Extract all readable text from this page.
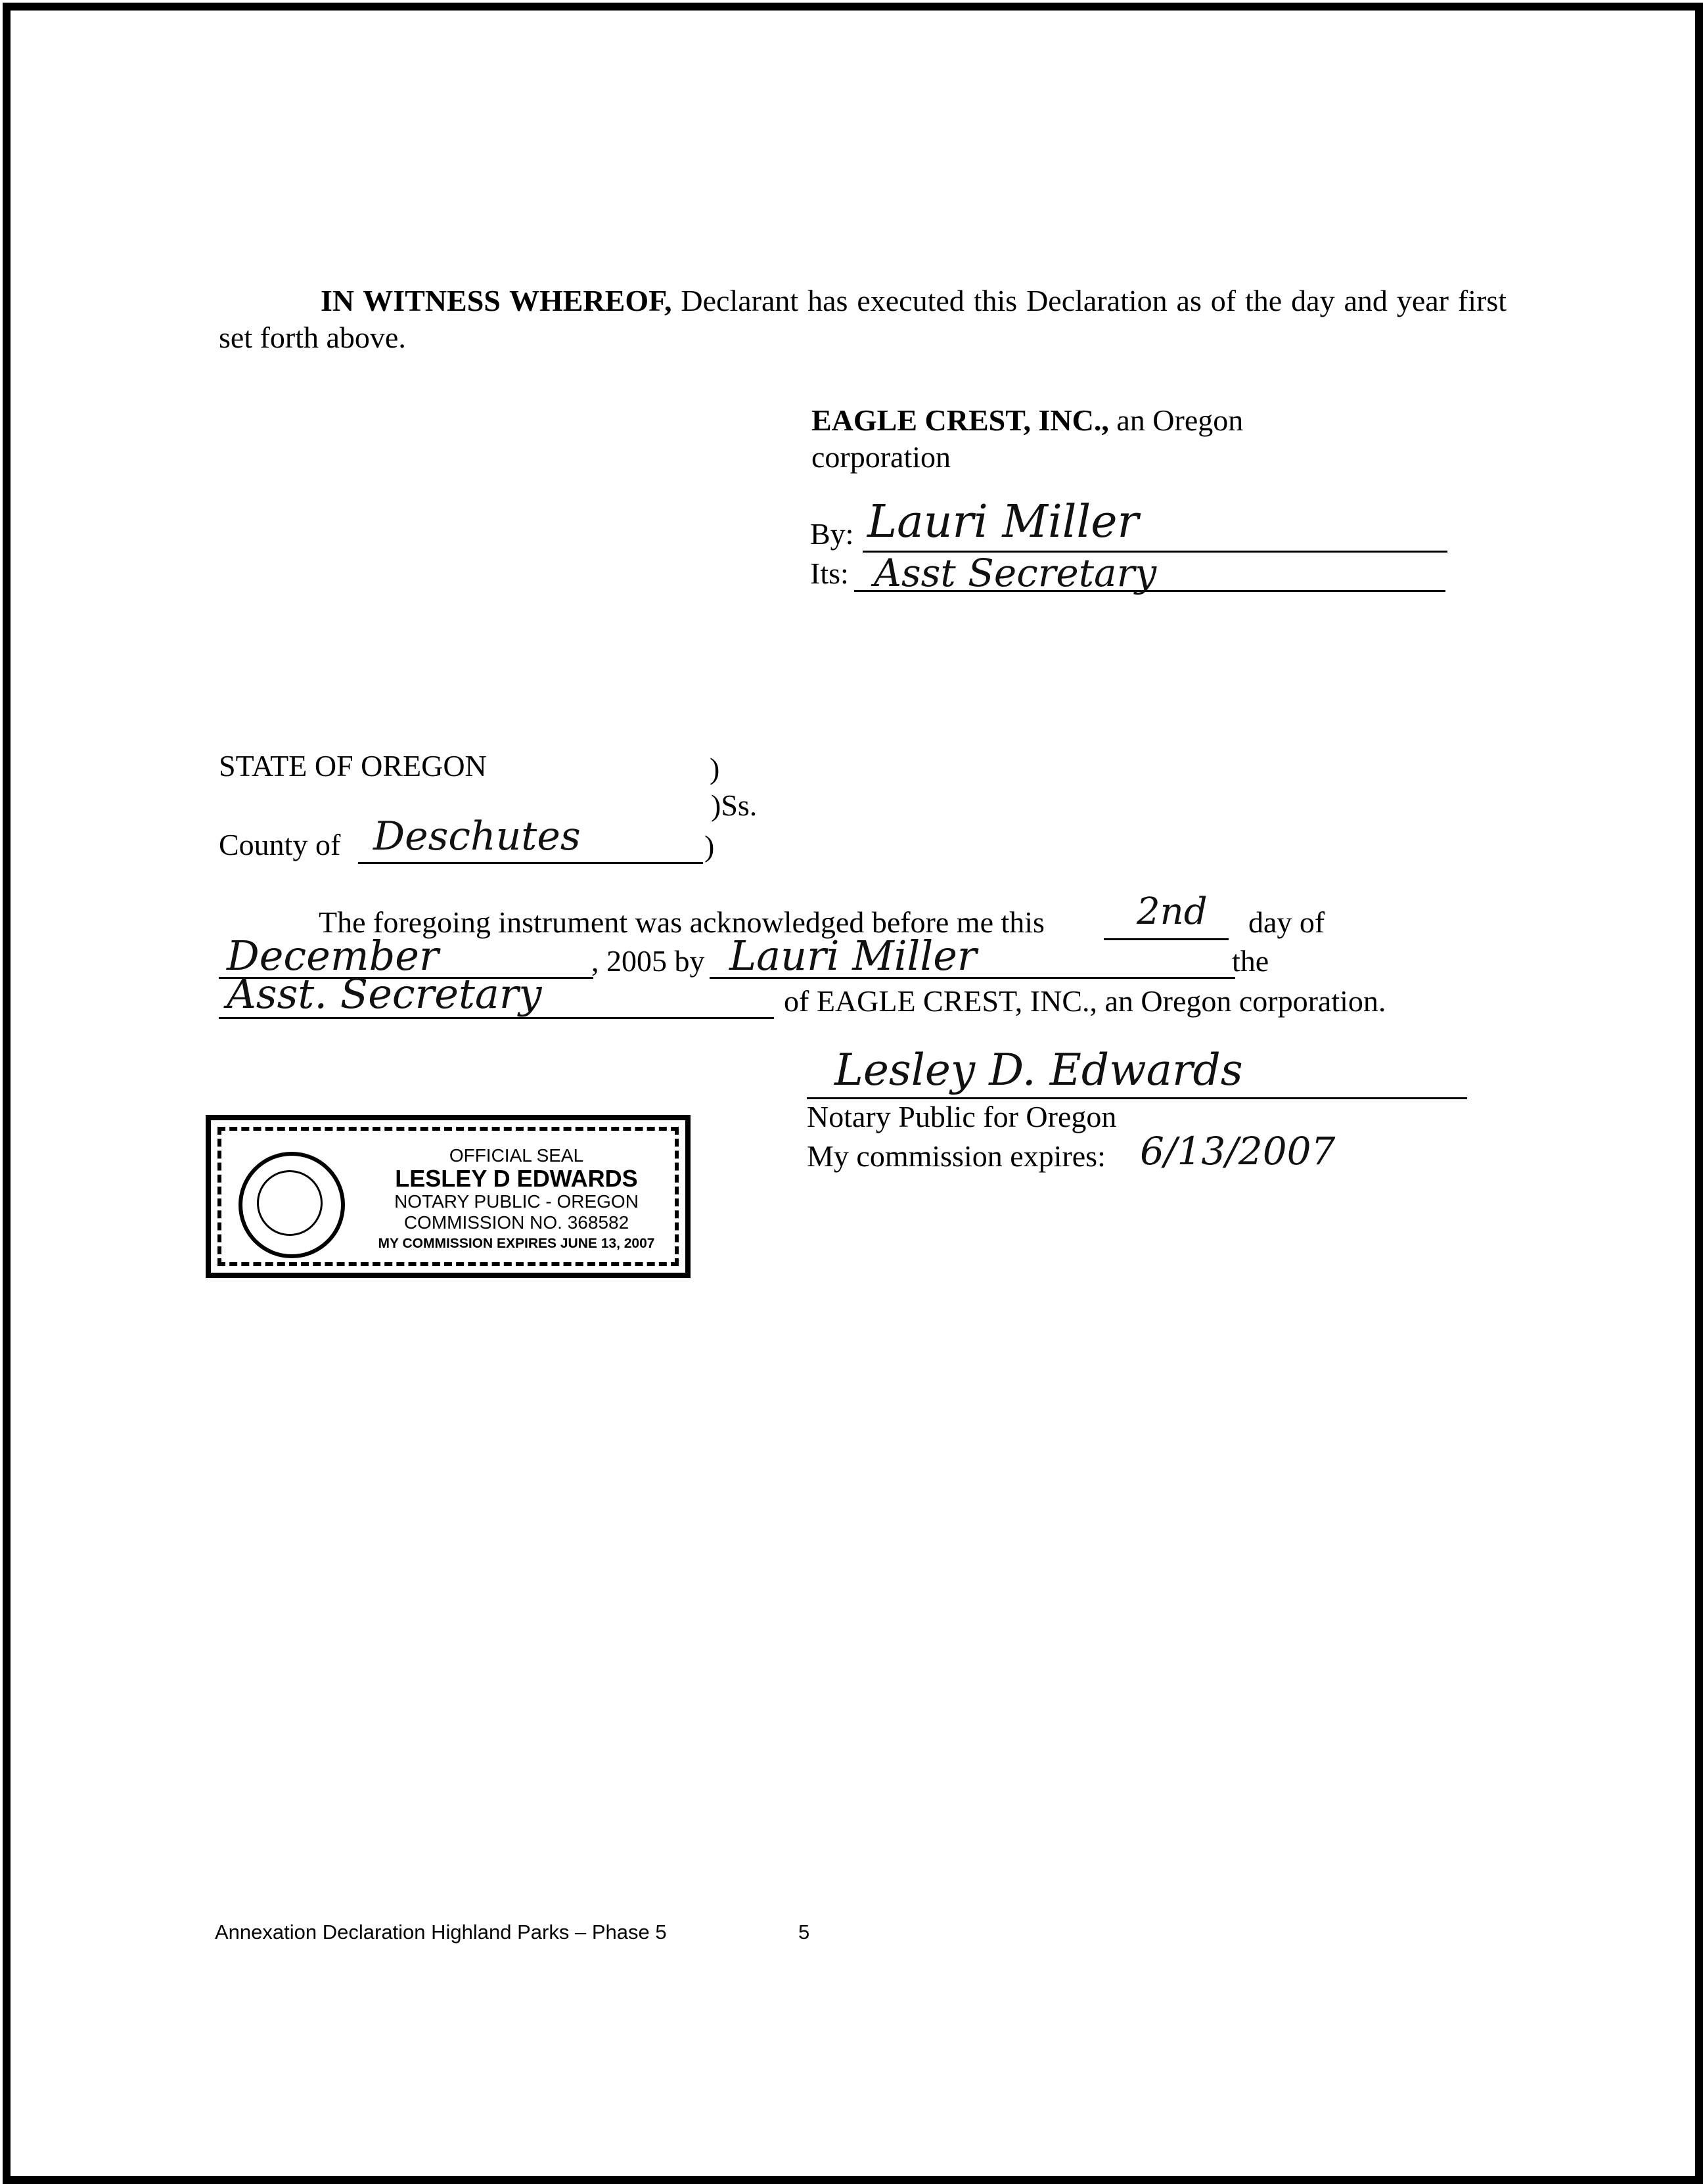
IN WITNESS WHEREOF, Declarant has executed this Declaration as of the day and year first set forth above.
EAGLE CREST, INC., an Oregon
corporation
By: Lauri Miller
Its: Asst Secretary
STATE OF OREGON	)
)Ss.
County of Deschutes	)
The foregoing instrument was acknowledged before me this	2nd day of
December	, 2005 by Lauri Miller	the
Asst. Secretary	of EAGLE CREST, INC., an Oregon corporation.
Lesley D. Edwards
Notary Public for Oregon
My commission expires: 6/13/2007
OFFICIAL SEAL
LESLEY D EDWARDS
NOTARY PUBLIC - OREGON
COMMISSION NO. 368582
MY COMMISSION EXPIRES JUNE 13, 2007
Annexation Declaration Highland Parks – Phase 5	5
